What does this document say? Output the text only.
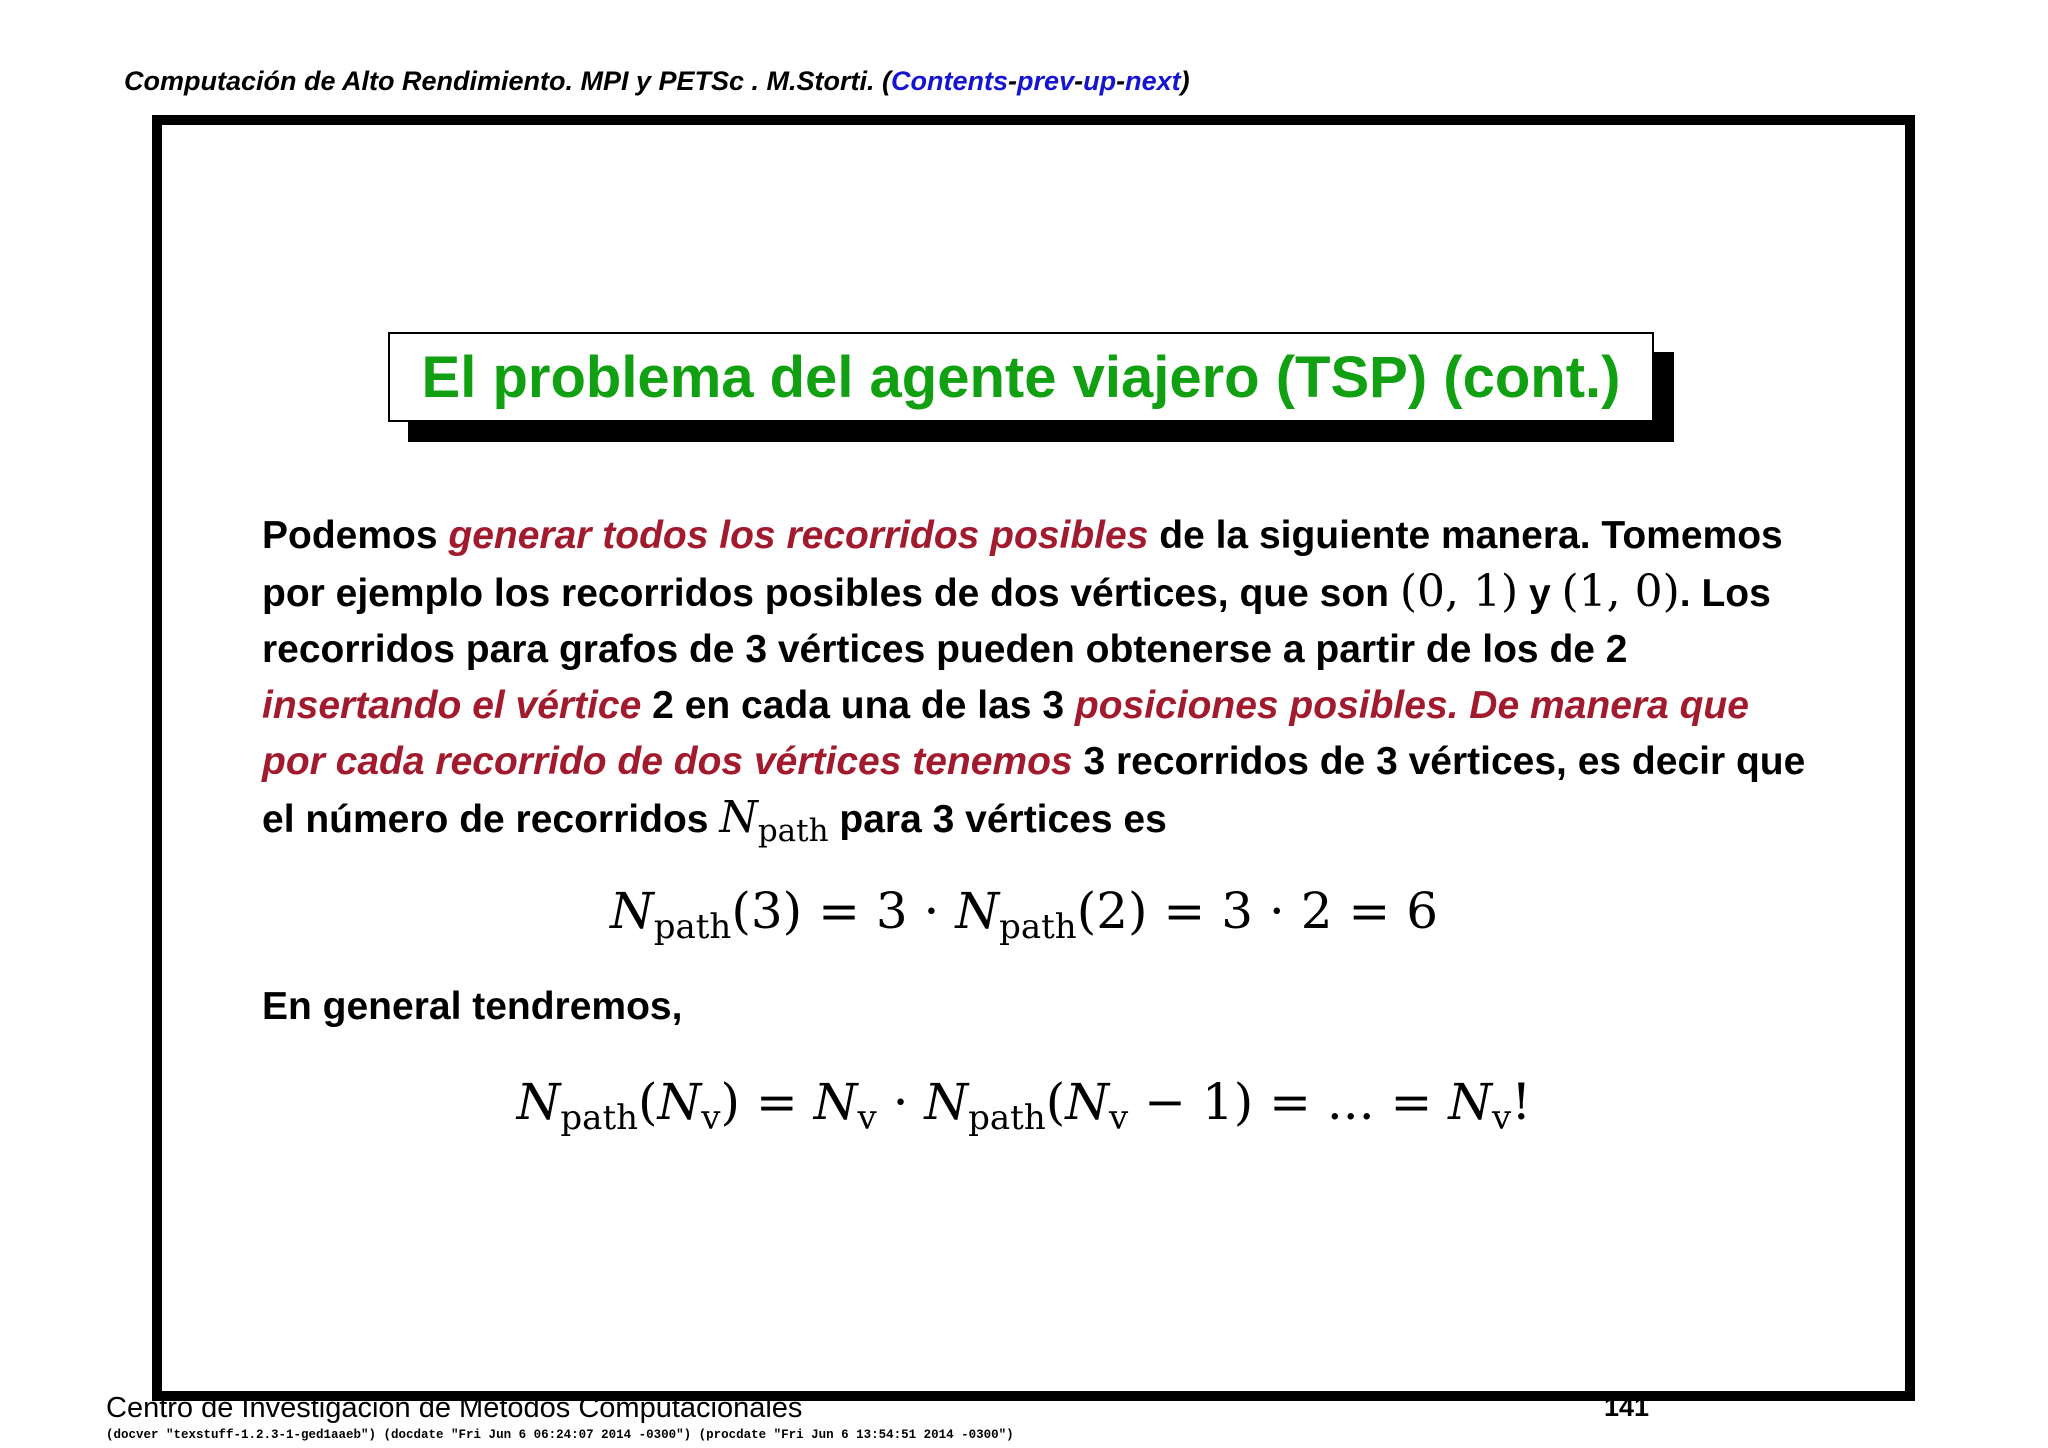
Computación de Alto Rendimiento. MPI y PETSc . M.Storti. (Contents-prev-up-next)
El problema del agente viajero (TSP) (cont.)
Podemos generar todos los recorridos posibles de la siguiente manera. Tomemos por ejemplo los recorridos posibles de dos vértices, que son (0, 1) y (1, 0). Los recorridos para grafos de 3 vértices pueden obtenerse a partir de los de 2 insertando el vértice 2 en cada una de las 3 posiciones posibles. De manera que por cada recorrido de dos vértices tenemos 3 recorridos de 3 vértices, es decir que el número de recorridos $N_{path}$ para 3 vértices es
$N_{path}(3) = 3 \cdot N_{path}(2) = 3 \cdot 2 = 6$
En general tendremos,
$N_{path}(N_v) = N_v \cdot N_{path}(N_v - 1)$ = ... = $N_v$!
Centro de Investigación de Métodos Computacionales	141
(docver "texstuff-1.2.3-1-ged1aaeb") (docdate "Fri Jun 6 06:24:07 2014 -0300") (procdate "Fri Jun 6 13:54:51 2014 -0300")
